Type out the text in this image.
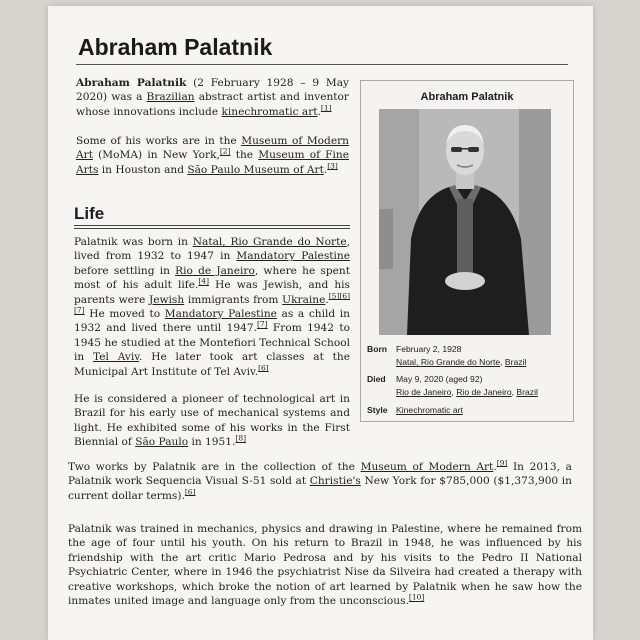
Abraham Palatnik
Abraham Palatnik (2 February 1928 – 9 May 2020) was a Brazilian abstract artist and inventor whose innovations include kinechromatic art.[1]
Some of his works are in the Museum of Modern Art (MoMA) in New York,[2] the Museum of Fine Arts in Houston and São Paulo Museum of Art.[3]
Life
Palatnik was born in Natal, Rio Grande do Norte, lived from 1932 to 1947 in Mandatory Palestine before settling in Rio de Janeiro, where he spent most of his adult life.[4] He was Jewish, and his parents were Jewish immigrants from Ukraine.[5][6][7] He moved to Mandatory Palestine as a child in 1932 and lived there until 1947.[7] From 1942 to 1945 he studied at the Montefiori Technical School in Tel Aviv. He later took art classes at the Municipal Art Institute of Tel Aviv.[6]
He is considered a pioneer of technological art in Brazil for his early use of mechanical systems and light. He exhibited some of his works in the First Biennial of São Paulo in 1951.[8]
Two works by Palatnik are in the collection of the Museum of Modern Art.[9] In 2013, a Palatnik work Sequencia Visual S-51 sold at Christie's New York for $785,000 ($1,373,900 in current dollar terms).[6]
Palatnik was trained in mechanics, physics and drawing in Palestine, where he remained from the age of four until his youth. On his return to Brazil in 1948, he was influenced by his friendship with the art critic Mario Pedrosa and by his visits to the Pedro II National Psychiatric Center, where in 1946 the psychiatrist Nise da Silveira had created a therapy with creative workshops, which broke the notion of art learned by Palatnik when he saw how the inmates united image and language only from the unconscious.[10]
Abraham Palatnik
Born February 2, 1928
Natal, Rio Grande do Norte, Brazil
Died May 9, 2020 (aged 92)
Rio de Janeiro, Rio de Janeiro, Brazil
Style Kinechromatic art
